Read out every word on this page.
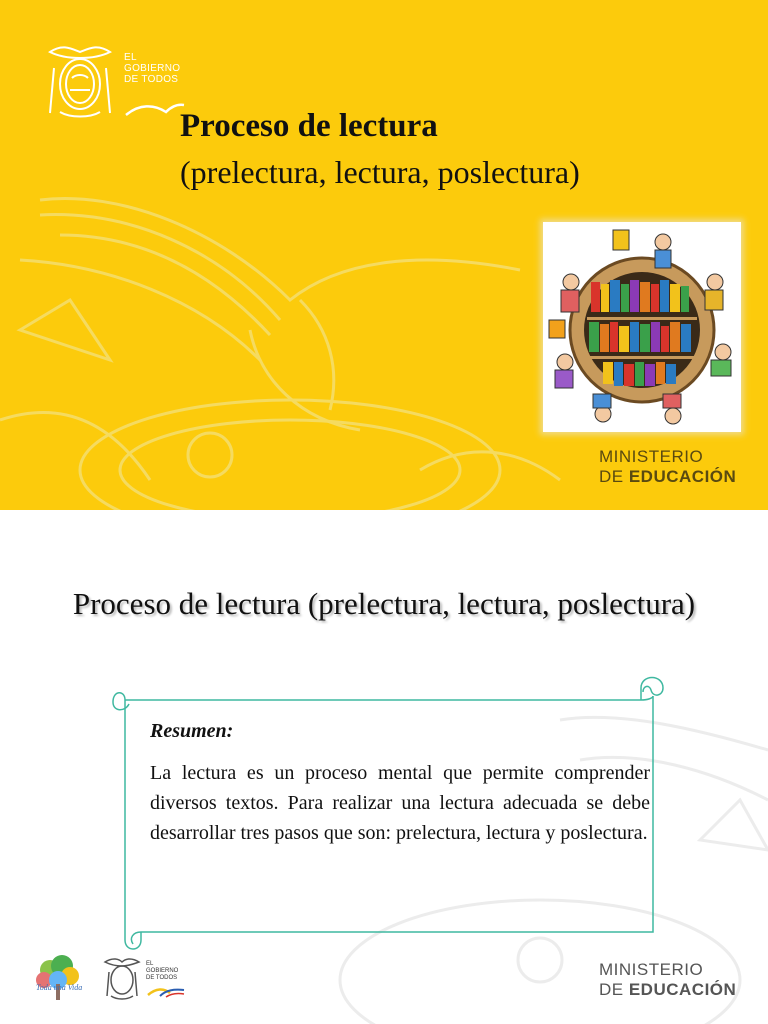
EL
GOBIERNO
DE TODOS
Proceso de lectura
(prelectura, lectura, poslectura)
MINISTERIO
DE EDUCACIÓN
Proceso de lectura (prelectura, lectura, poslectura)
Resumen:
La lectura es un proceso mental que permite comprender diversos textos. Para realizar una lectura adecuada se debe desarrollar tres pasos que son: prelectura, lectura y poslectura.
Toda una Vida
EL
GOBIERNO
DE TODOS	MINISTERIO
DE EDUCACIÓN
